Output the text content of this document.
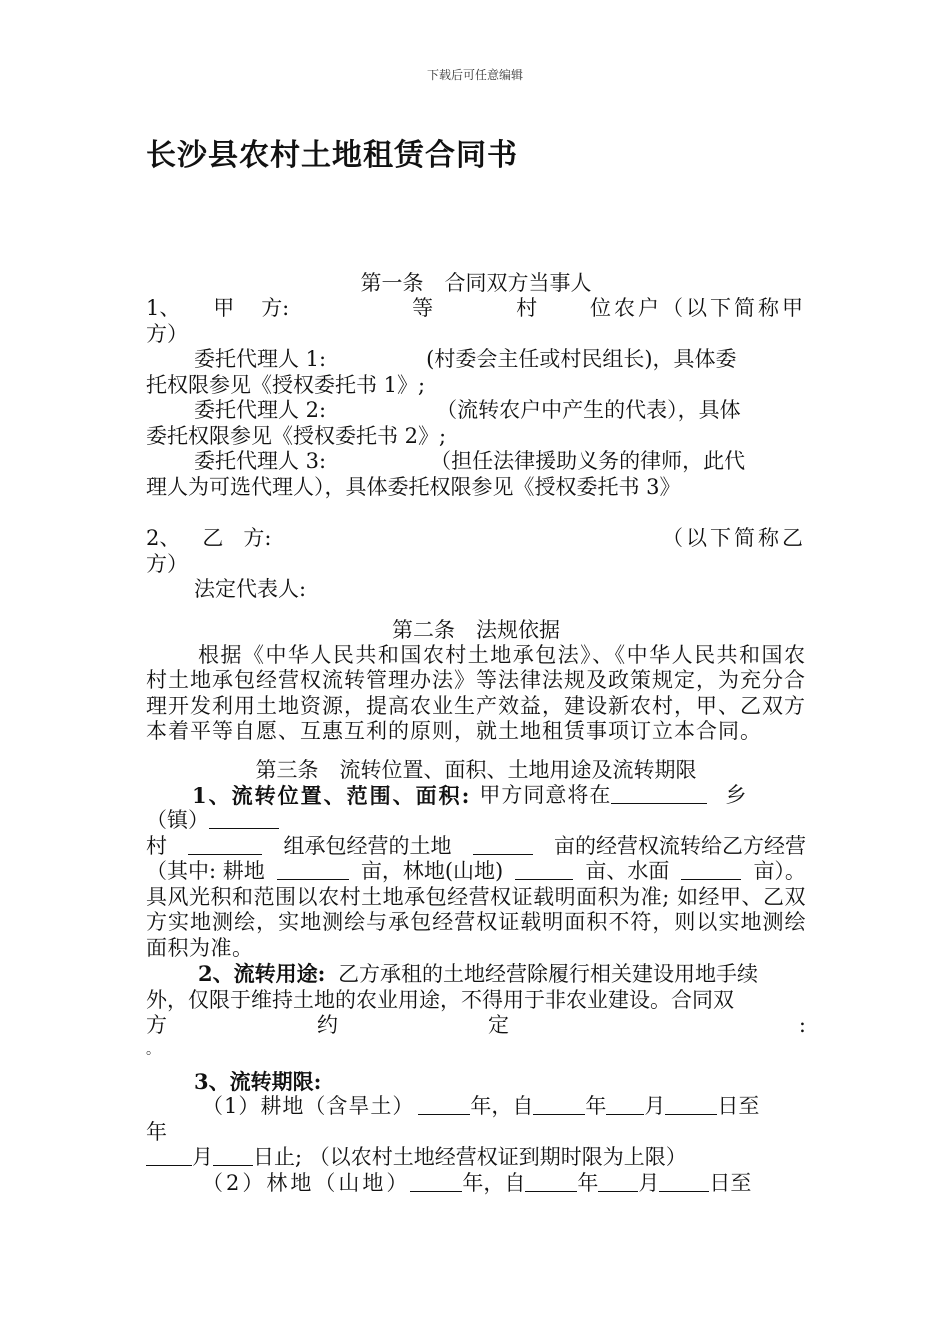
下载后可任意编辑
长沙县农村土地租赁合同书
第一条　合同双方当事人
1、 甲 方:	等	村	位农户（以下简称甲
方）
委托代理人 1:	(村委会主任或村民组长)，具体委
托权限参见《授权委托书 1》;
委托代理人 2:	（流转农户中产生的代表），具体
委托权限参见《授权委托书 2》;
委托代理人 3:	（担任法律援助义务的律师，此代
理人为可选代理人），具体委托权限参见《授权委托书 3》
2、 乙 方:	（以下简称乙
方）
法定代表人:
第二条　法规依据
根据《中华人民共和国农村土地承包法》、《中华人民共和国农村土地承包经营权流转管理办法》等法律法规及政策规定，为充分合理开发利用土地资源，提高农业生产效益，建设新农村，甲、乙双方本着平等自愿、互惠互利的原则，就土地租赁事项订立本合同。
第三条　流转位置、面积、土地用途及流转期限
1、流转位置、范围、面积: 甲方同意将在	乡
（镇）
村	组承包经营的土地	亩的经营权流转给乙方经营
（其中: 耕地	亩，林地(山地)	亩、水面	亩）。
具风光积和范围以农村土地承包经营权证载明面积为准; 如经甲、乙双方实地测绘，实地测绘与承包经营权证载明面积不符，则以实地测绘面积为准。
2、流转用途: 乙方承租的土地经营除履行相关建设用地手续
外，仅限于维持土地的农业用途，不得用于非农业建设。合同双
方	约	定	:
。
3、流转期限:
（1）耕地（含旱土）	年，自 年 月 日至
年
月 日止; （以农村土地经营权证到期时限为上限）
（2）林地（山地） 年，自 年 月 日至
